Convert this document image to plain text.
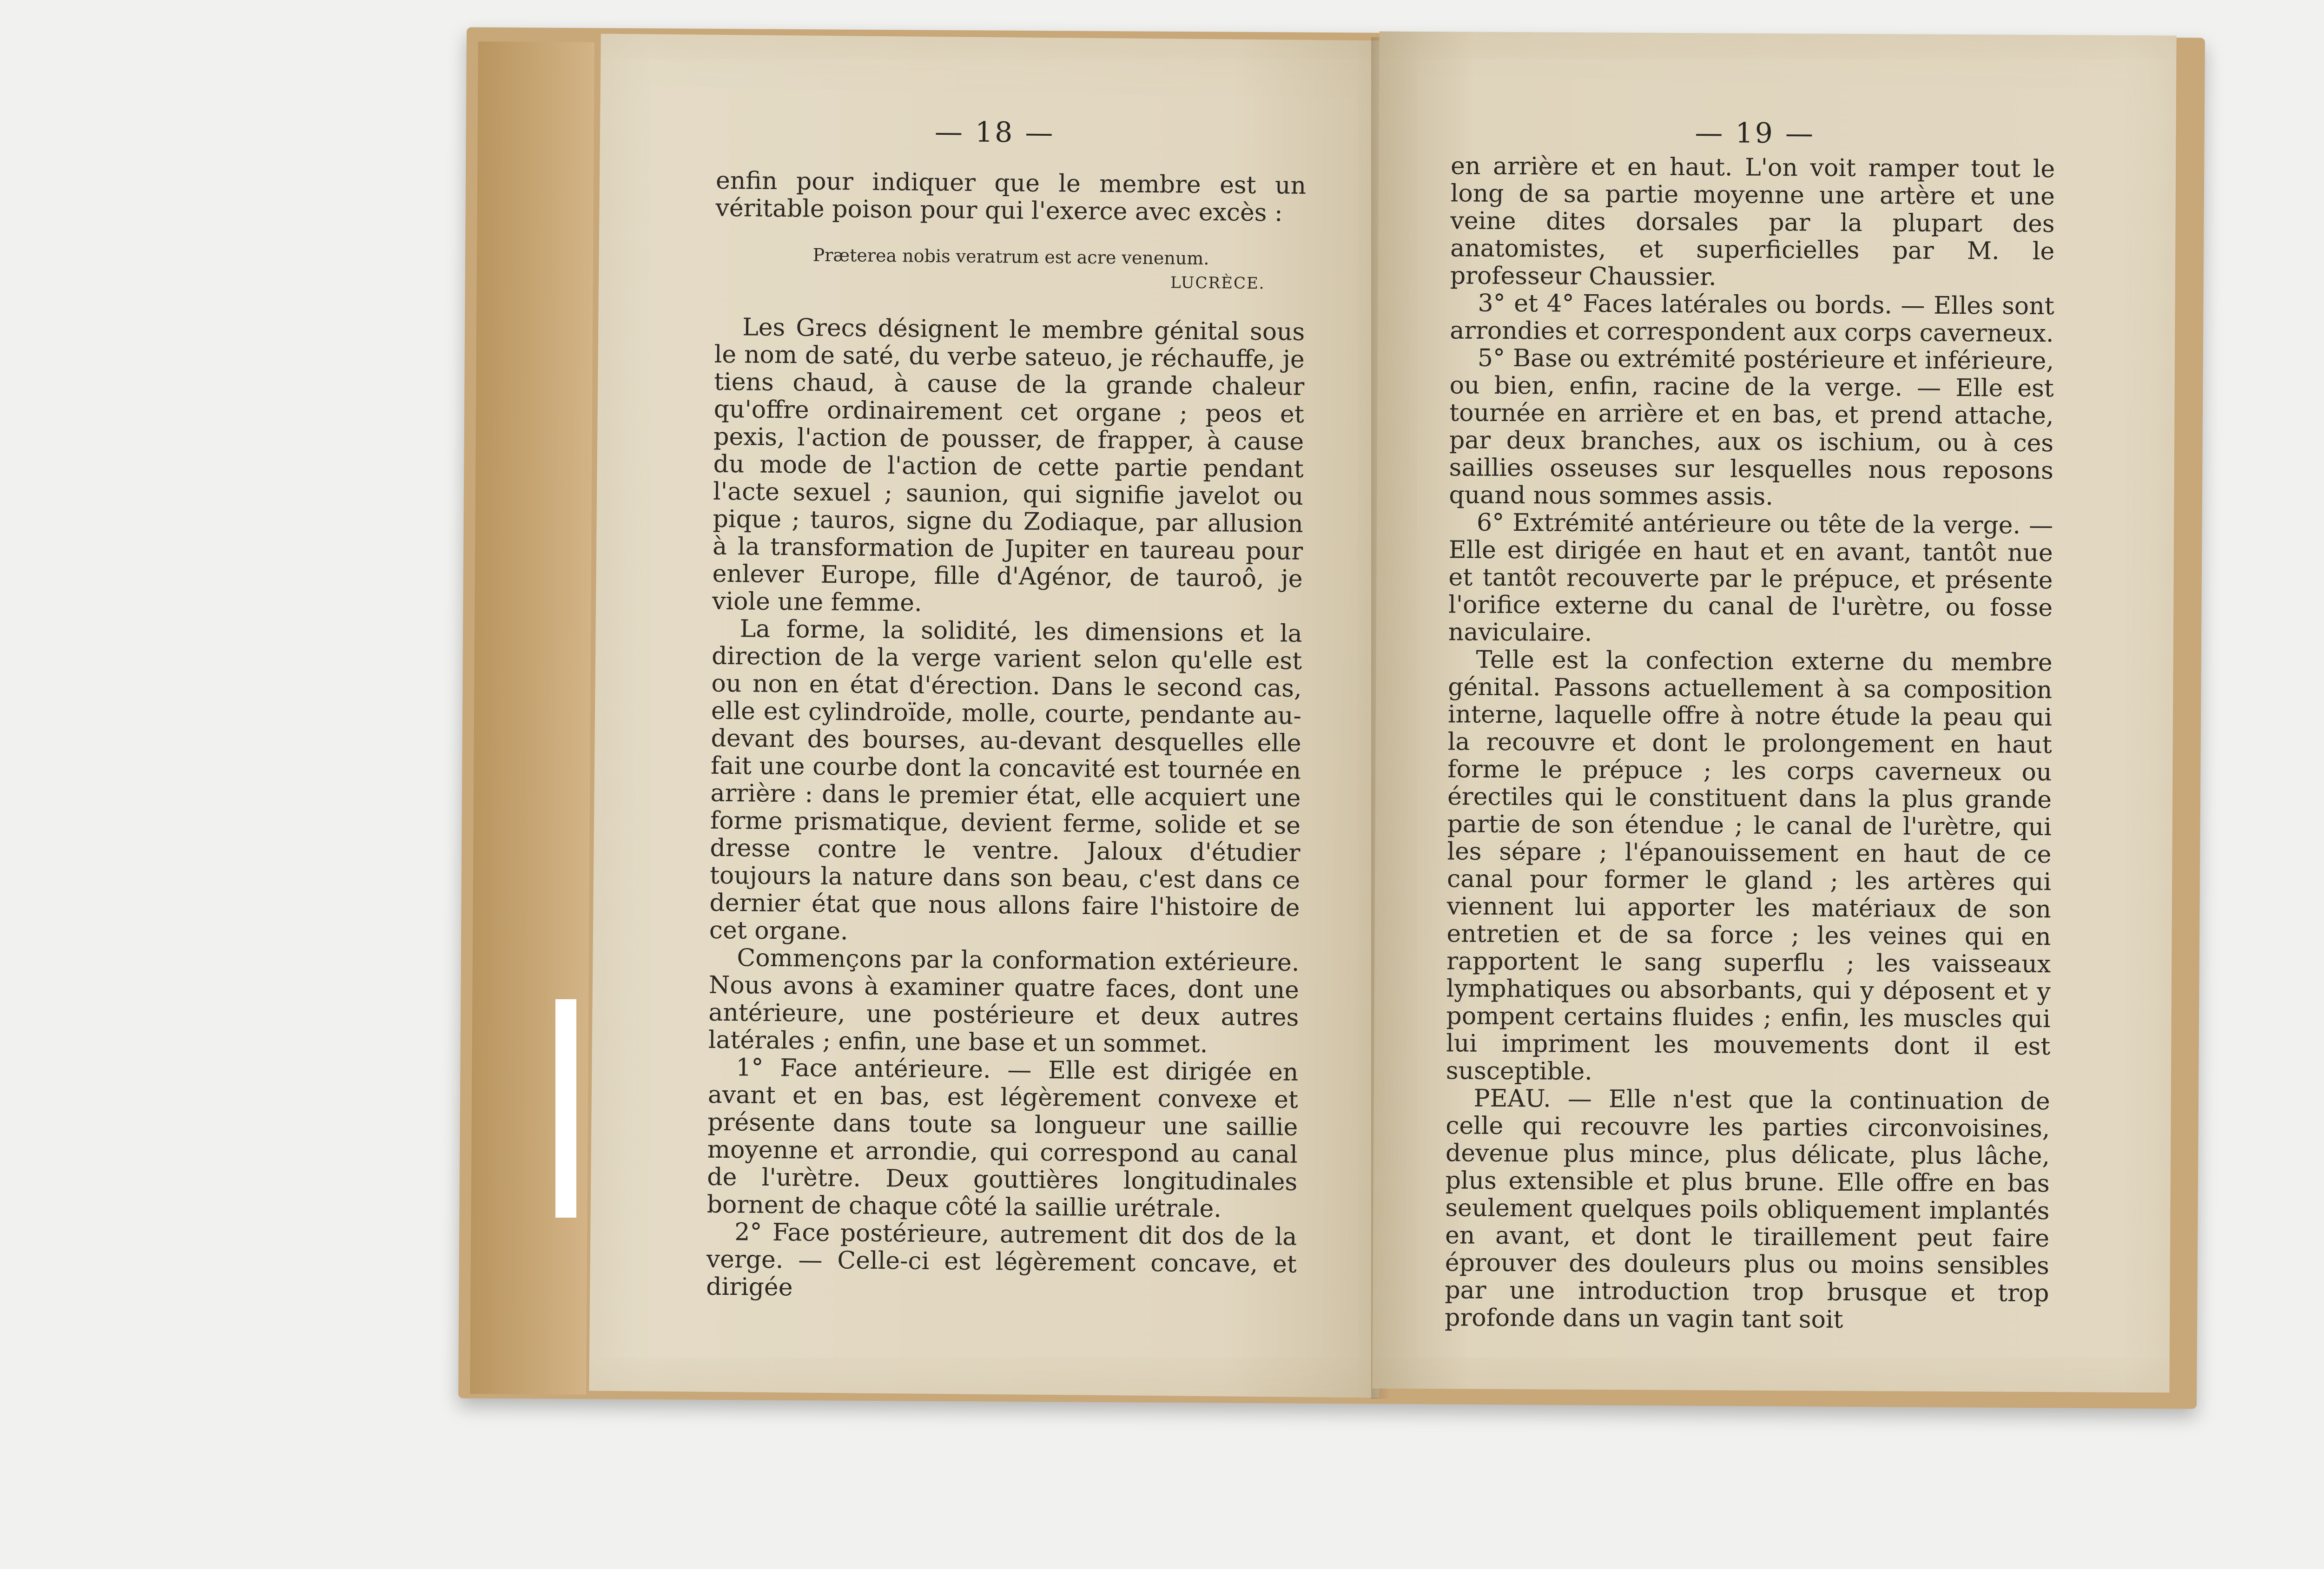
— 18 —

enfin pour indiquer que le membre est un véritable poison pour qui l'exerce avec excès :

Præterea nobis veratrum est acre venenum.
LUCRÈCE.

Les Grecs désignent le membre génital sous le nom de saté, du verbe sateuo, je réchauffe, je tiens chaud, à cause de la grande chaleur qu'offre ordinairement cet organe ; peos et pexis, l'action de pousser, de frapper, à cause du mode de l'action de cette partie pendant l'acte sexuel ; saunion, qui signifie javelot ou pique ; tauros, signe du Zodiaque, par allusion à la transformation de Jupiter en taureau pour enlever Europe, fille d'Agénor, de tauroô, je viole une femme.

La forme, la solidité, les dimensions et la direction de la verge varient selon qu'elle est ou non en état d'érection. Dans le second cas, elle est cylindroïde, molle, courte, pendante au-devant des bourses, au-devant desquelles elle fait une courbe dont la concavité est tournée en arrière : dans le premier état, elle acquiert une forme prismatique, devient ferme, solide et se dresse contre le ventre. Jaloux d'étudier toujours la nature dans son beau, c'est dans ce dernier état que nous allons faire l'histoire de cet organe.

Commençons par la conformation extérieure. Nous avons à examiner quatre faces, dont une antérieure, une postérieure et deux autres latérales ; enfin, une base et un sommet.

1° Face antérieure. — Elle est dirigée en avant et en bas, est légèrement convexe et présente dans toute sa longueur une saillie moyenne et arrondie, qui correspond au canal de l'urètre. Deux gouttières longitudinales bornent de chaque côté la saillie urétrale.

2° Face postérieure, autrement dit dos de la verge. — Celle-ci est légèrement concave, et dirigée

— 19 —

en arrière et en haut. L'on voit ramper tout le long de sa partie moyenne une artère et une veine dites dorsales par la plupart des anatomistes, et superficielles par M. le professeur Chaussier.

3° et 4° Faces latérales ou bords. — Elles sont arrondies et correspondent aux corps caverneux.

5° Base ou extrémité postérieure et inférieure, ou bien, enfin, racine de la verge. — Elle est tournée en arrière et en bas, et prend attache, par deux branches, aux os ischium, ou à ces saillies osseuses sur lesquelles nous reposons quand nous sommes assis.

6° Extrémité antérieure ou tête de la verge. — Elle est dirigée en haut et en avant, tantôt nue et tantôt recouverte par le prépuce, et présente l'orifice externe du canal de l'urètre, ou fosse naviculaire.

Telle est la confection externe du membre génital. Passons actuellement à sa composition interne, laquelle offre à notre étude la peau qui la recouvre et dont le prolongement en haut forme le prépuce ; les corps caverneux ou érectiles qui le constituent dans la plus grande partie de son étendue ; le canal de l'urètre, qui les sépare ; l'épanouissement en haut de ce canal pour former le gland ; les artères qui viennent lui apporter les matériaux de son entretien et de sa force ; les veines qui en rapportent le sang superflu ; les vaisseaux lymphatiques ou absorbants, qui y déposent et y pompent certains fluides ; enfin, les muscles qui lui impriment les mouvements dont il est susceptible.

PEAU. — Elle n'est que la continuation de celle qui recouvre les parties circonvoisines, devenue plus mince, plus délicate, plus lâche, plus extensible et plus brune. Elle offre en bas seulement quelques poils obliquement implantés en avant, et dont le tiraillement peut faire éprouver des douleurs plus ou moins sensibles par une introduction trop brusque et trop profonde dans un vagin tant soit
